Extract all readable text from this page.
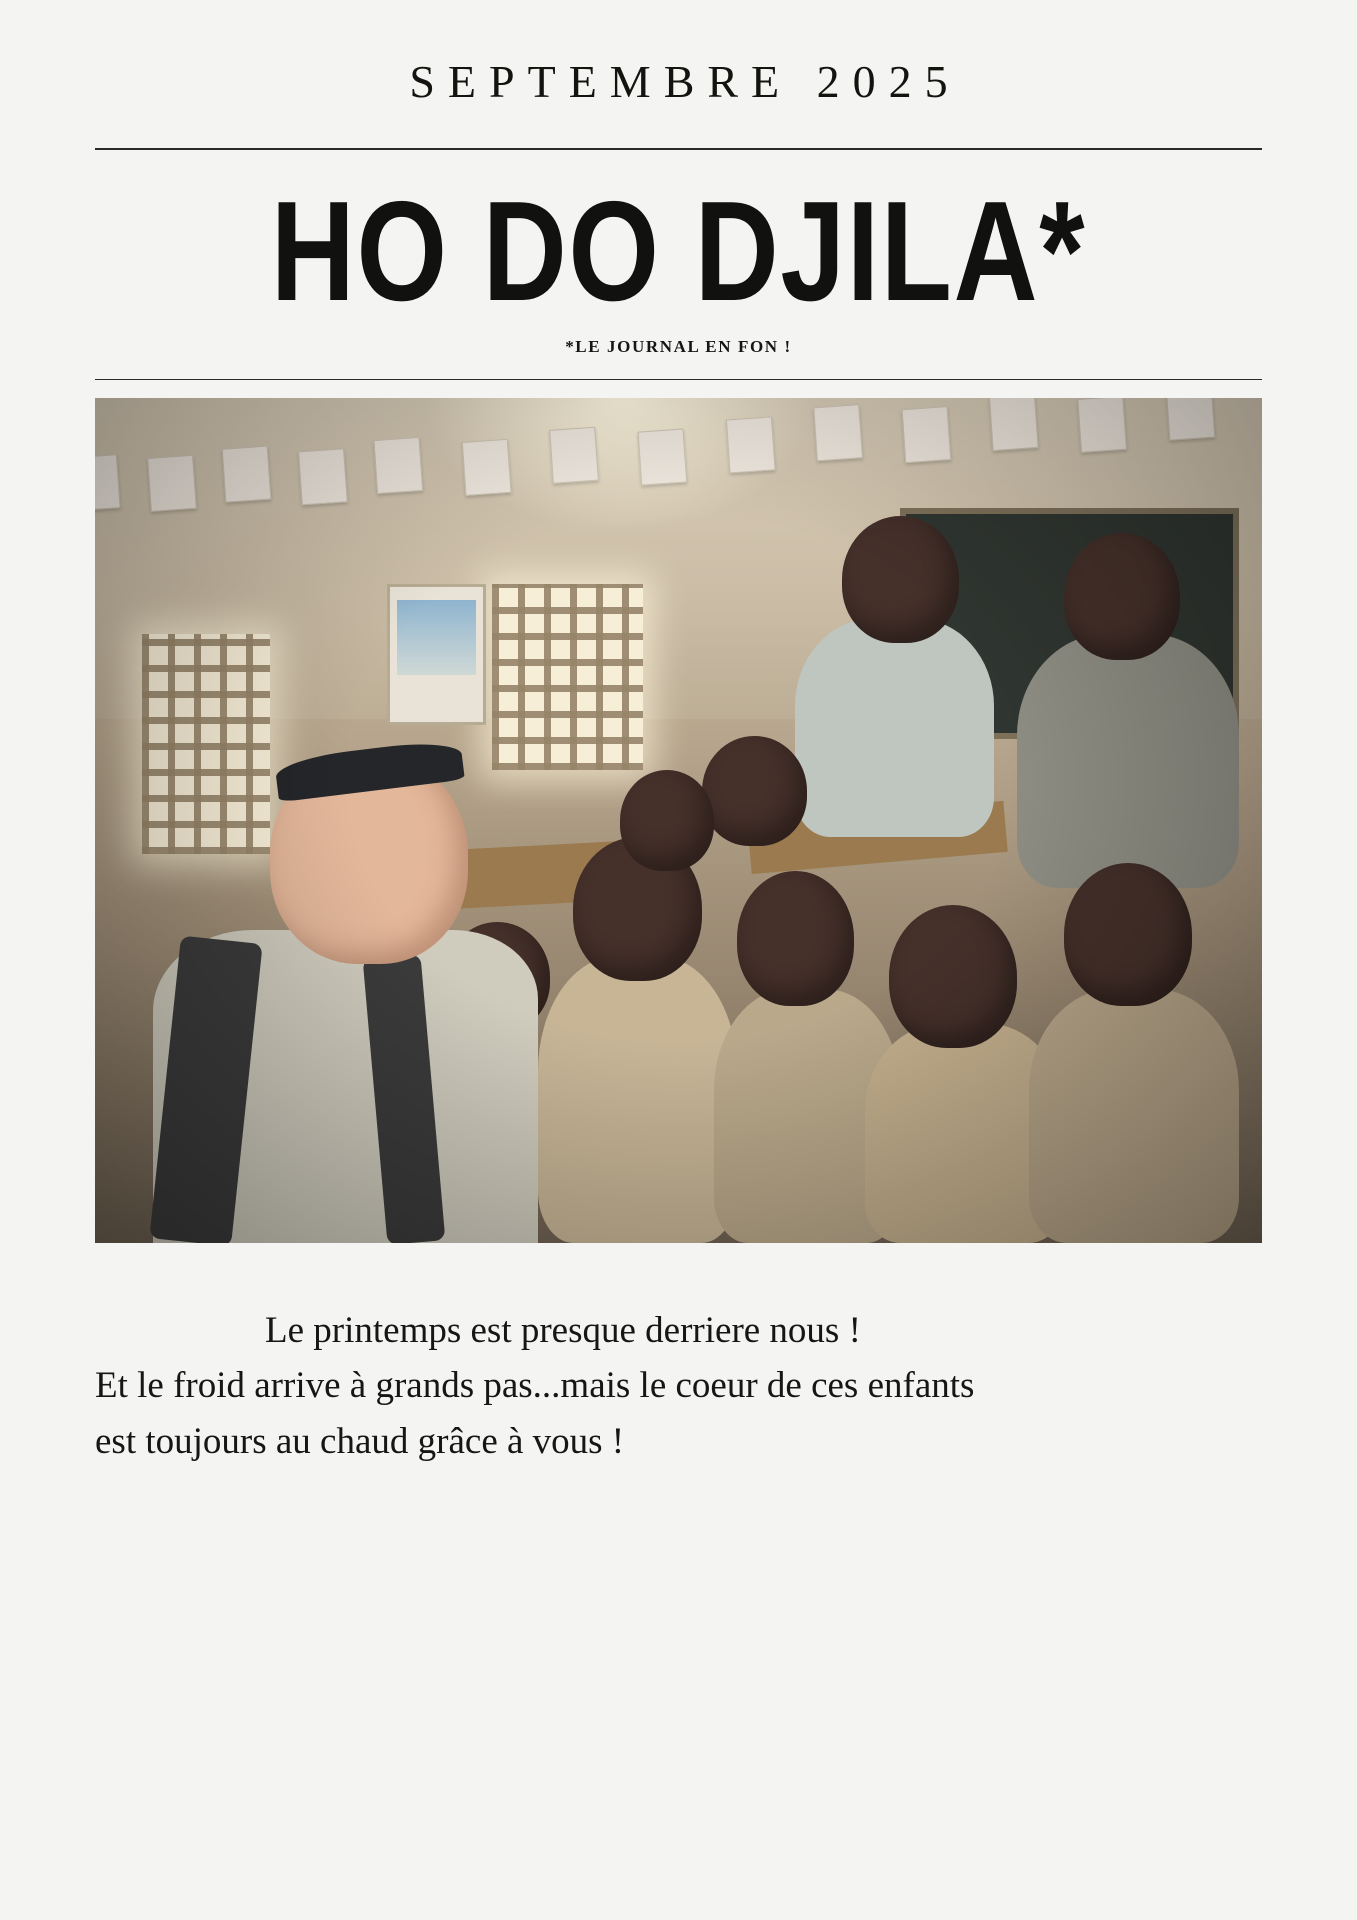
SEPTEMBRE 2025
HO DO DJILA*
*LE JOURNAL EN FON !

Le printemps est presque derriere nous !

Et le froid arrive à grands pas...mais le coeur de ces enfants

est toujours au chaud grâce à vous !
